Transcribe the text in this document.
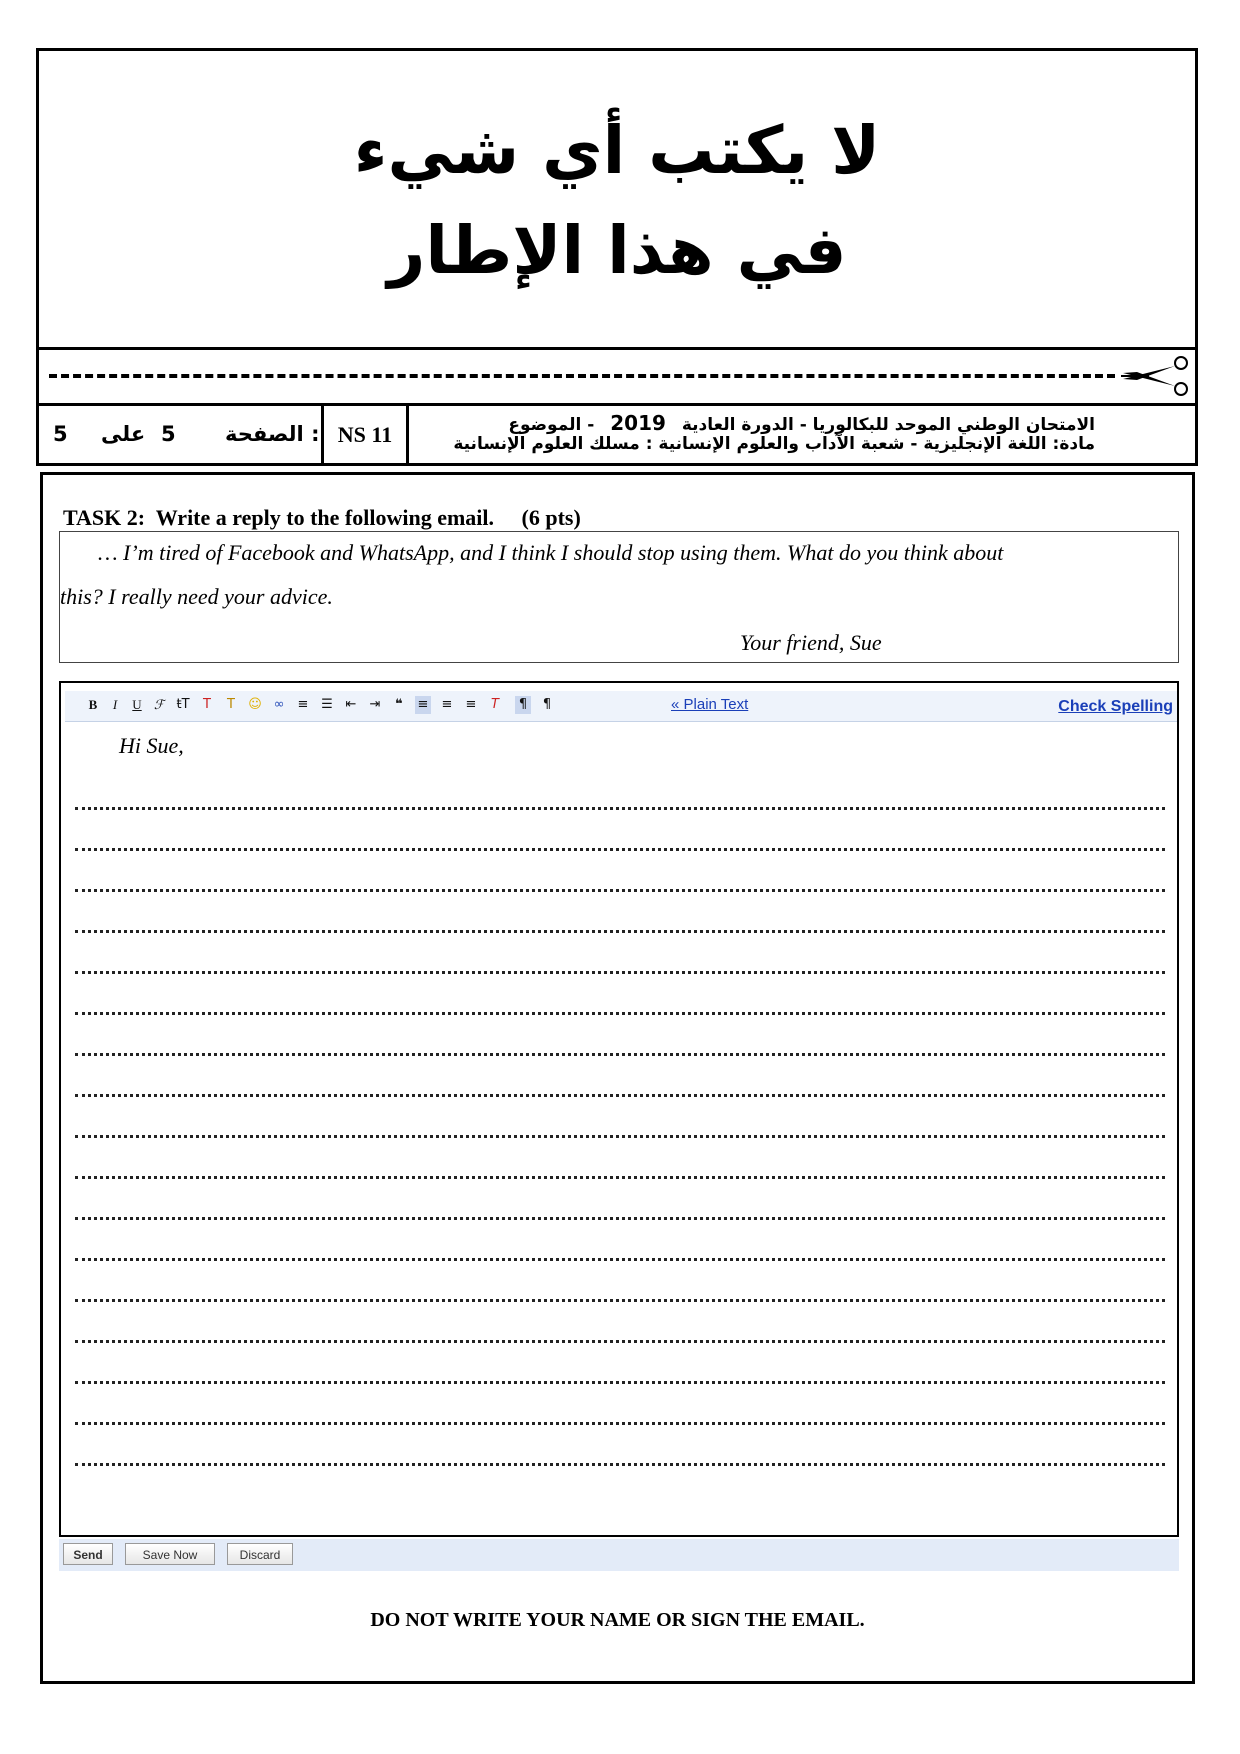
لا يكتب أي شيء
في هذا الإطار
5 على 5 الصفحة : NS 11	الامتحان الوطني الموحد للبكالوريا - الدورة العادية 2019 - الموضوع
مادة: اللغة الإنجليزية - شعبة الآداب والعلوم الإنسانية : مسلك العلوم الإنسانية
TASK 2:  Write a reply to the following email.     (6 pts)
… I’m tired of Facebook and WhatsApp, and I think I should stop using them. What do you think about
this? I really need your advice.
Your friend, Sue
B	I	U ℱ ŧT	T	T	☺ ∞ ≡ ☰ ⇤ ⇥	❝	≡ ≡ ≡	T	¶ ¶	« Plain Text	Check Spelling
Hi Sue,
Send	Save Now	Discard
DO NOT WRITE YOUR NAME OR SIGN THE EMAIL.
